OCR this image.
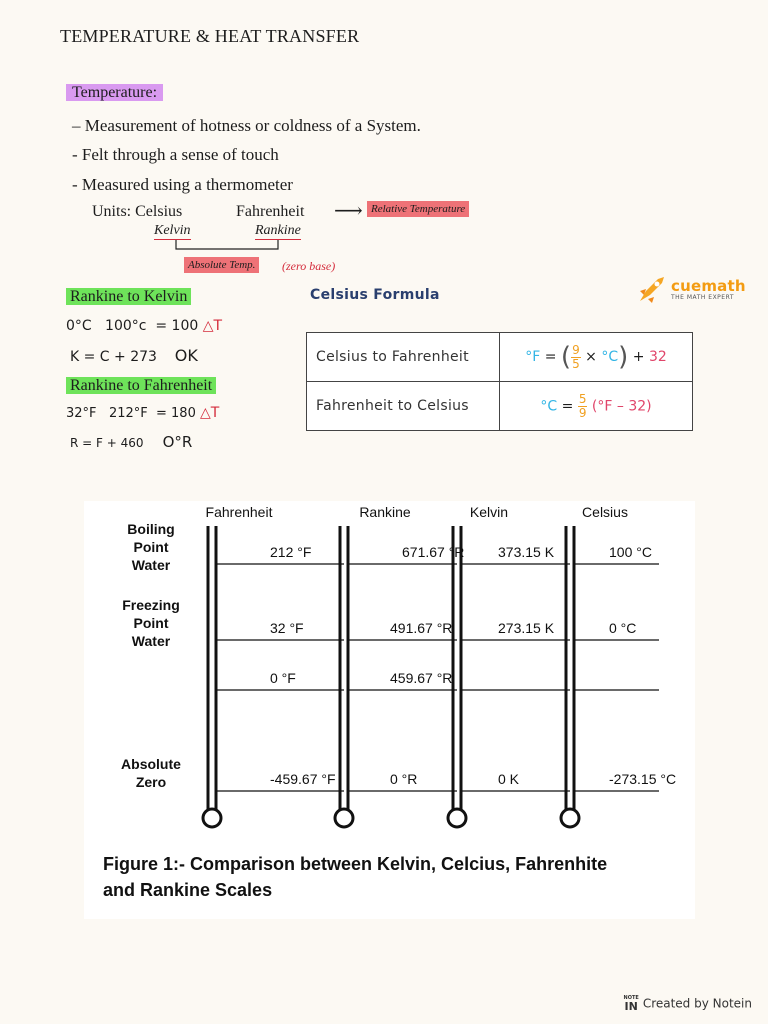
TEMPERATURE & HEAT TRANSFER
Temperature:
– Measurement of hotness or coldness of a System.
- Felt through a sense of touch
- Measured using a thermometer
Units: Celsius	Fahrenheit ⟶ Relative Temperature
Kelvin	Rankine
Absolute Temp.	(zero base)
Rankine to Kelvin
0°C 100°c = 100 △T
K = C + 273 OK
Rankine to Fahrenheit
32°F 212°F = 180 △T
R = F + 460 O°R
Celsius Formula
Celsius to Fahrenheit	°F = ( $\frac{9}{5} \times ^\circ C) + 32$
Fahrenheit to Celsius	$^\circ C = \frac{5}{9} (^\circ F - 32)$
cuemath
THE MATH EXPERT
Fahrenheit	Rankine	Kelvin	Celsius
212 °F	671.67 °R 373.15 K	100 °C
Boiling
Point
Water
32 °F	491.67 °R	273.15 K	0 °C
Freezing
Point
Water
0 °F	459.67 °R
-459.67 °F	0 °R	0 K	-273.15 °C
Absolute
Zero
Figure 1:- Comparison between Kelvin, Celcius, Fahrenhite
and Rankine Scales
NOTE
IN Created by Notein
